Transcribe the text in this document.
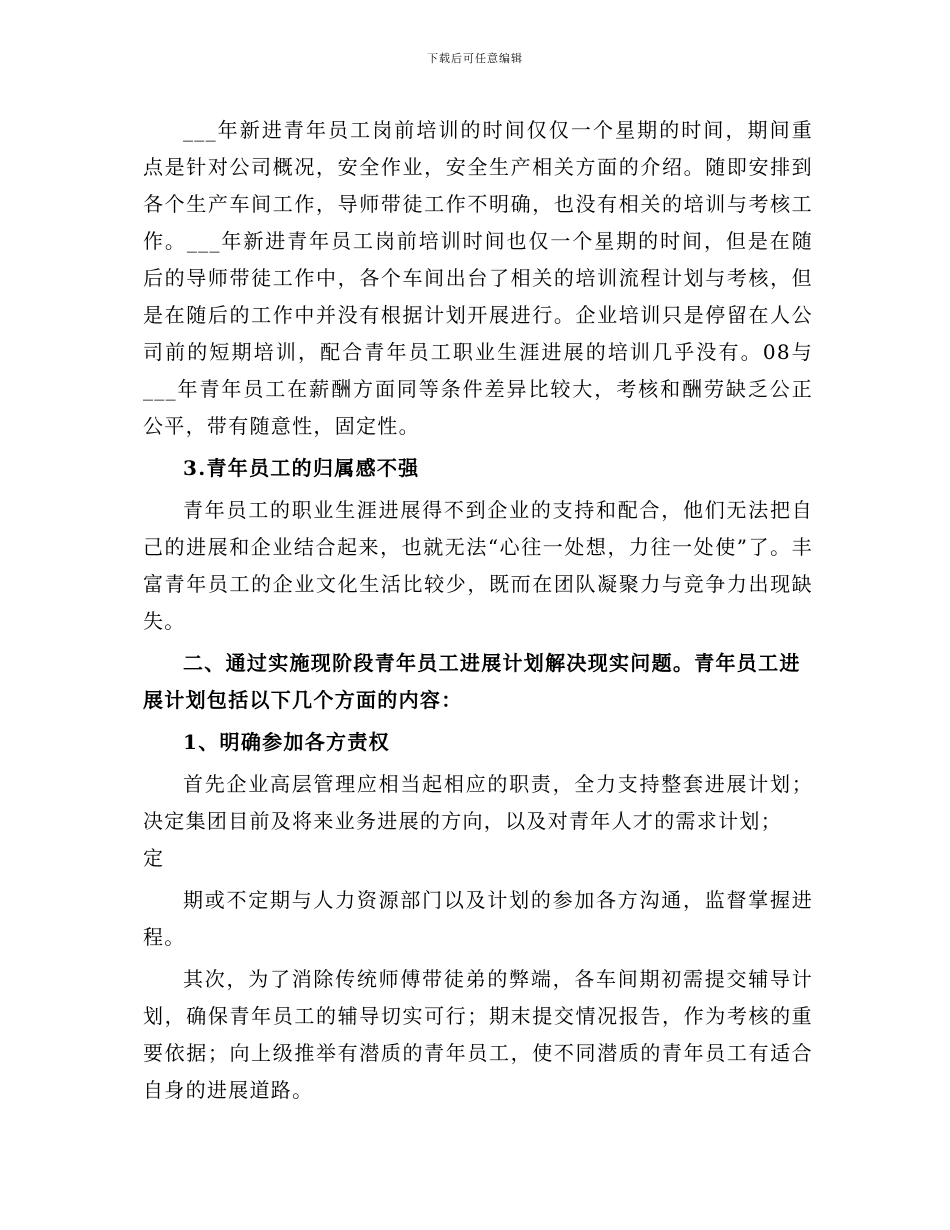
下载后可任意编辑

___年新进青年员工岗前培训的时间仅仅一个星期的时间，期间重点是针对公司概况，安全作业，安全生产相关方面的介绍。随即安排到各个生产车间工作，导师带徒工作不明确，也没有相关的培训与考核工作。___年新进青年员工岗前培训时间也仅一个星期的时间，但是在随后的导师带徒工作中，各个车间出台了相关的培训流程计划与考核，但是在随后的工作中并没有根据计划开展进行。企业培训只是停留在人公司前的短期培训，配合青年员工职业生涯进展的培训几乎没有。08与___年青年员工在薪酬方面同等条件差异比较大，考核和酬劳缺乏公正公平，带有随意性，固定性。

3.青年员工的归属感不强

青年员工的职业生涯进展得不到企业的支持和配合，他们无法把自己的进展和企业结合起来，也就无法“心往一处想，力往一处使”了。丰富青年员工的企业文化生活比较少，既而在团队凝聚力与竞争力出现缺失。

二、通过实施现阶段青年员工进展计划解决现实问题。青年员工进展计划包括以下几个方面的内容：

1、明确参加各方责权

首先企业高层管理应相当起相应的职责，全力支持整套进展计划；决定集团目前及将来业务进展的方向，以及对青年人才的需求计划；

定

期或不定期与人力资源部门以及计划的参加各方沟通，监督掌握进程。

其次，为了消除传统师傅带徒弟的弊端，各车间期初需提交辅导计划，确保青年员工的辅导切实可行；期末提交情况报告，作为考核的重要依据；向上级推举有潜质的青年员工，使不同潜质的青年员工有适合自身的进展道路。
